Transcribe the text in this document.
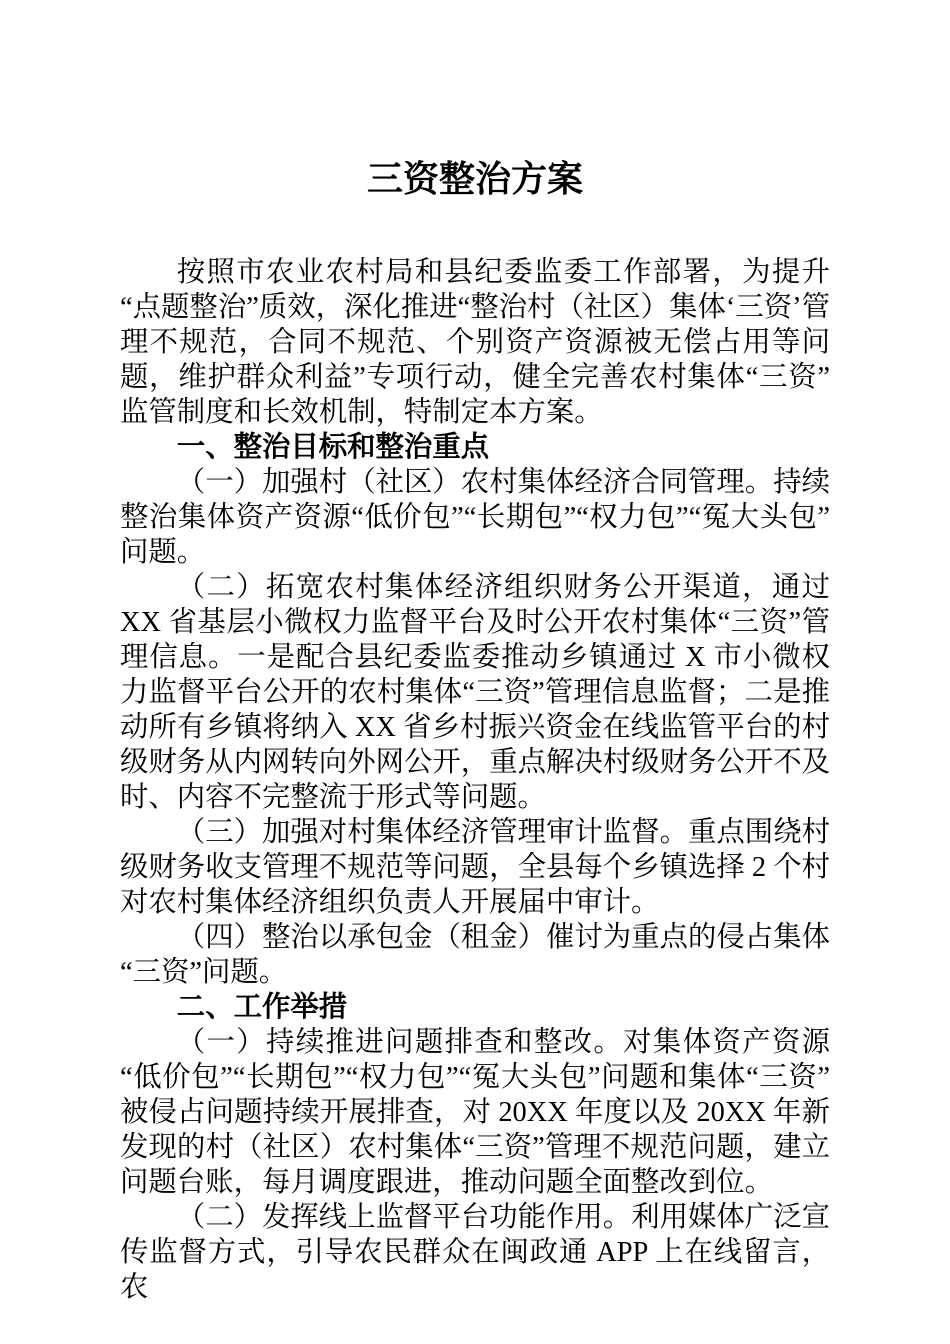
三资整治方案

按照市农业农村局和县纪委监委工作部署，为提升“点题整治”质效，深化推进“整治村（社区）集体‘三资’管理不规范，合同不规范、个别资产资源被无偿占用等问题，维护群众利益”专项行动，健全完善农村集体“三资”监管制度和长效机制，特制定本方案。

一、整治目标和整治重点

（一）加强村（社区）农村集体经济合同管理。持续整治集体资产资源“低价包”“长期包”“权力包”“冤大头包”问题。

（二）拓宽农村集体经济组织财务公开渠道，通过 XX 省基层小微权力监督平台及时公开农村集体“三资”管理信息。一是配合县纪委监委推动乡镇通过 X 市小微权力监督平台公开的农村集体“三资”管理信息监督；二是推动所有乡镇将纳入 XX 省乡村振兴资金在线监管平台的村级财务从内网转向外网公开，重点解决村级财务公开不及时、内容不完整流于形式等问题。

（三）加强对村集体经济管理审计监督。重点围绕村级财务收支管理不规范等问题，全县每个乡镇选择 2 个村对农村集体经济组织负责人开展届中审计。

（四）整治以承包金（租金）催讨为重点的侵占集体“三资”问题。

二、工作举措

（一）持续推进问题排查和整改。对集体资产资源“低价包”“长期包”“权力包”“冤大头包”问题和集体“三资”被侵占问题持续开展排查，对 20XX 年度以及 20XX 年新发现的村（社区）农村集体“三资”管理不规范问题，建立问题台账，每月调度跟进，推动问题全面整改到位。

（二）发挥线上监督平台功能作用。利用媒体广泛宣传监督方式，引导农民群众在闽政通 APP 上在线留言，农
